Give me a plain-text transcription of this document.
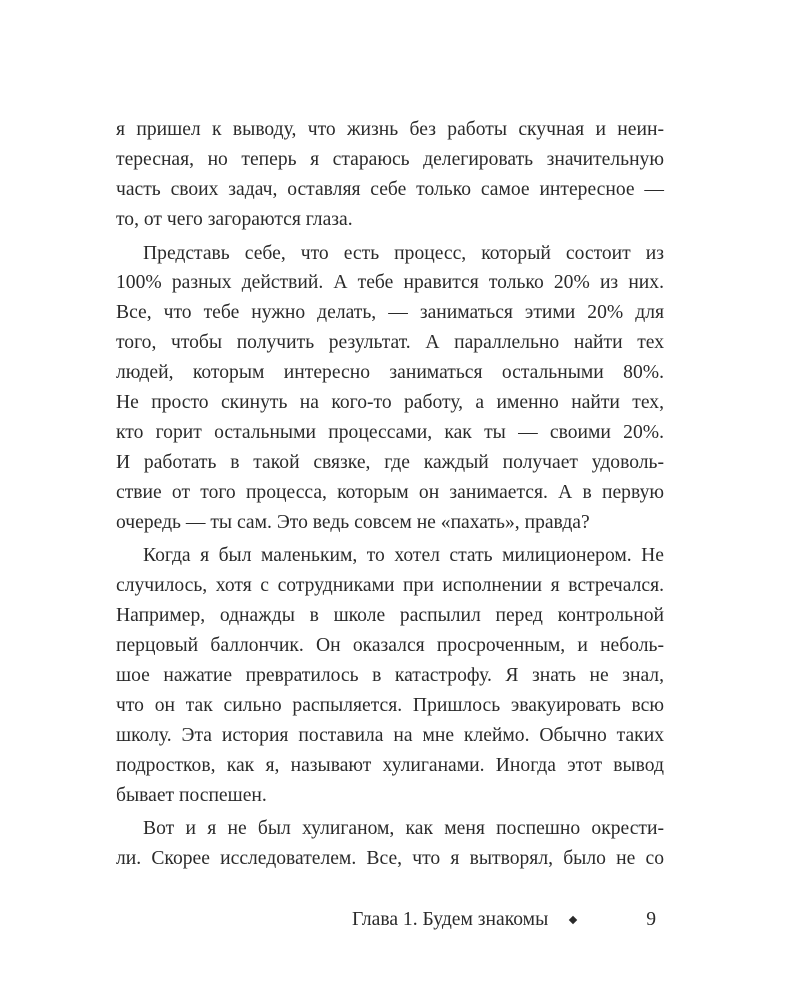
я пришел к выводу, что жизнь без работы скучная и неин-
тересная, но теперь я стараюсь делегировать значительную
часть своих задач, оставляя себе только самое интересное —
то, от чего загораются глаза.
Представь себе, что есть процесс, который состоит из
100% разных действий. А тебе нравится только 20% из них.
Все, что тебе нужно делать, — заниматься этими 20% для
того, чтобы получить результат. А параллельно найти тех
людей, которым интересно заниматься остальными 80%.
Не просто скинуть на кого-то работу, а именно найти тех,
кто горит остальными процессами, как ты — своими 20%.
И работать в такой связке, где каждый получает удоволь-
ствие от того процесса, которым он занимается. А в первую
очередь — ты сам. Это ведь совсем не «пахать», правда?
Когда я был маленьким, то хотел стать милиционером. Не
случилось, хотя с сотрудниками при исполнении я встречался.
Например, однажды в школе распылил перед контрольной
перцовый баллончик. Он оказался просроченным, и неболь-
шое нажатие превратилось в катастрофу. Я знать не знал,
что он так сильно распыляется. Пришлось эвакуировать всю
школу. Эта история поставила на мне клеймо. Обычно таких
подростков, как я, называют хулиганами. Иногда этот вывод
бывает поспешен.
Вот и я не был хулиганом, как меня поспешно окрести-
ли. Скорее исследователем. Все, что я вытворял, было не со
Глава 1. Будем знакомы	9
